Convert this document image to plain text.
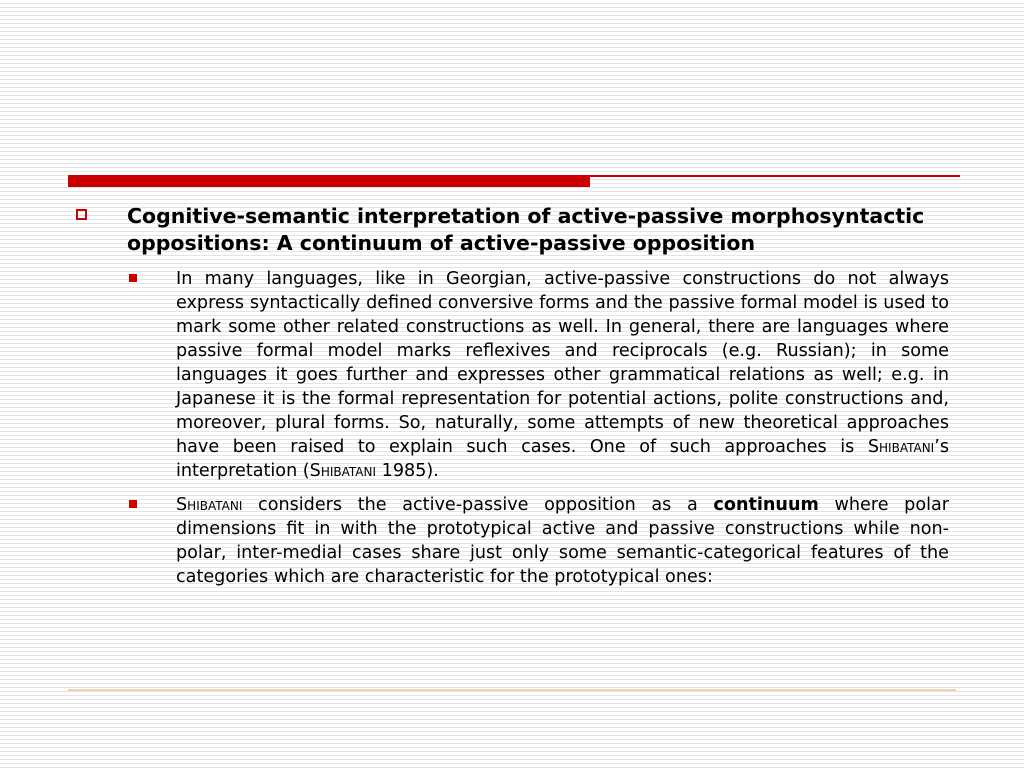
Cognitive-semantic interpretation of active-passive morphosyntactic oppositions: A continuum of active-passive opposition
In many languages, like in Georgian, active-passive constructions do not always express syntactically defined conversive forms and the passive formal model is used to mark some other related constructions as well. In general, there are languages where passive formal model marks reflexives and reciprocals (e.g. Russian); in some languages it goes further and expresses other grammatical relations as well; e.g. in Japanese it is the formal representation for potential actions, polite constructions and, moreover, plural forms. So, naturally, some attempts of new theoretical approaches have been raised to explain such cases. One of such approaches is Shibatani’s interpretation (Shibatani 1985).
Shibatani considers the active-passive opposition as a continuum where polar dimensions fit in with the prototypical active and passive constructions while non-polar, inter-medial cases share just only some semantic-categorical features of the categories which are characteristic for the prototypical ones:
